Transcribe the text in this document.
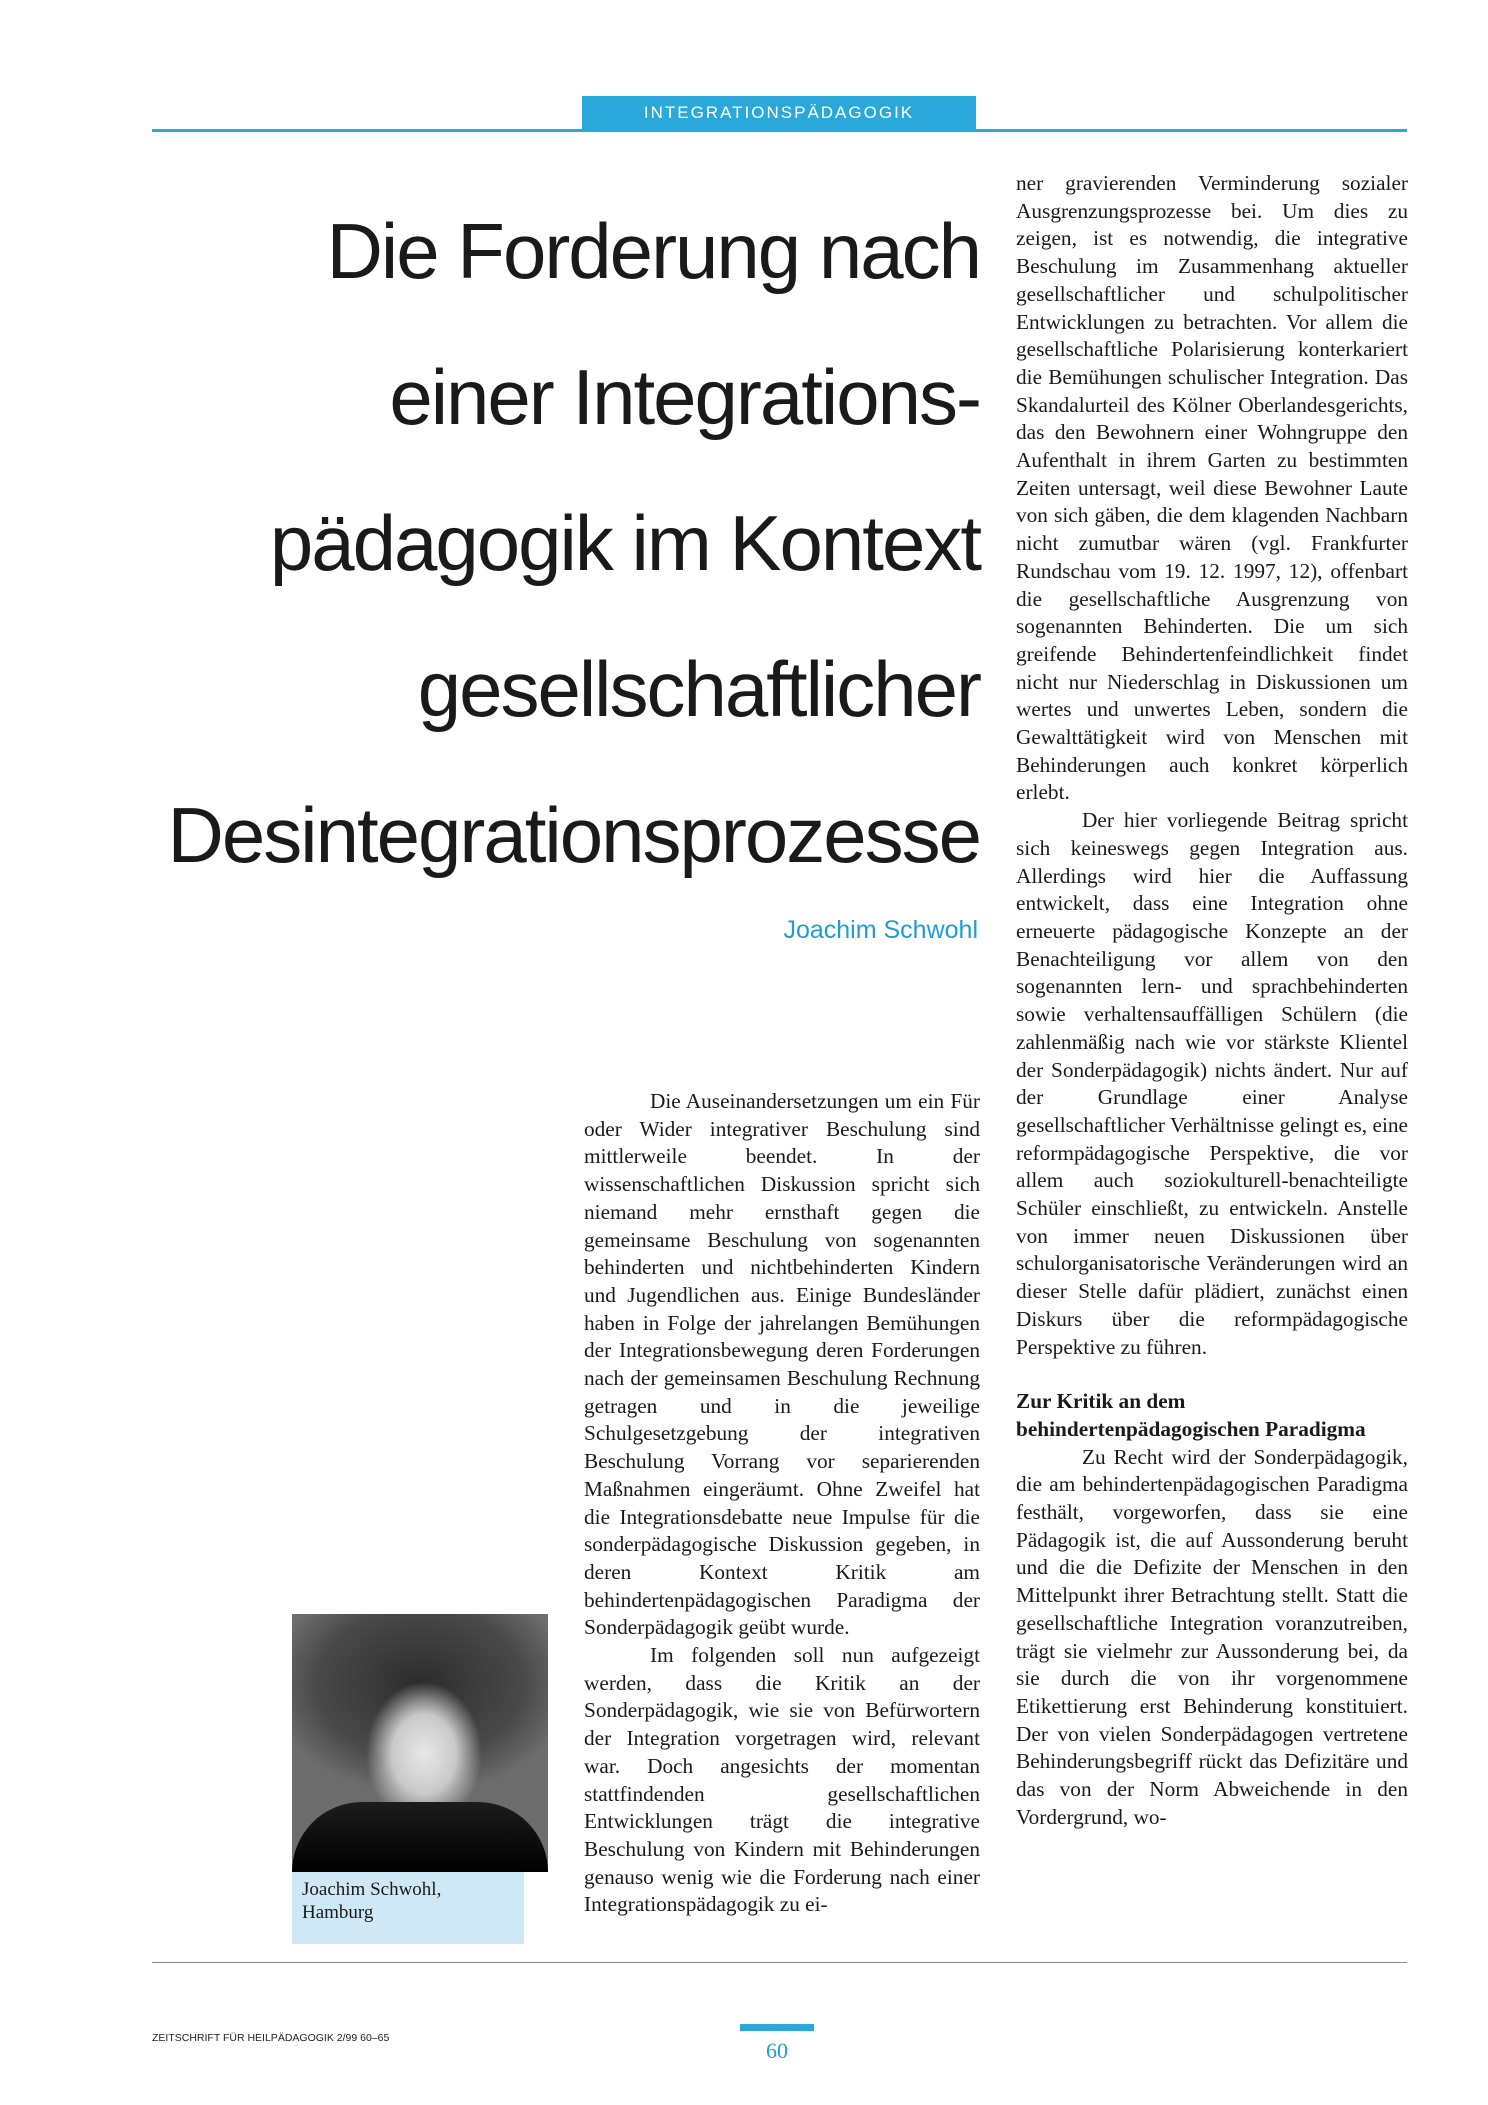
INTEGRATIONSPÄDAGOGIK
Die Forderung nach
einer Integrations-
pädagogik im Kontext
gesellschaftlicher
Desintegrationsprozesse
Joachim Schwohl
Joachim Schwohl,
Hamburg

Die Auseinandersetzungen um ein Für oder Wider integrativer Beschulung sind mittlerweile beendet. In der wissenschaftlichen Diskussion spricht sich niemand mehr ernsthaft gegen die gemeinsame Beschulung von sogenannten behinderten und nichtbehinderten Kindern und Jugendlichen aus. Einige Bundesländer haben in Folge der jahrelangen Bemühungen der Integrationsbewegung deren Forderungen nach der gemeinsamen Beschulung Rechnung getragen und in die jeweilige Schulgesetzgebung der integrativen Beschulung Vorrang vor separierenden Maßnahmen eingeräumt. Ohne Zweifel hat die Integrationsdebatte neue Impulse für die sonderpädagogische Diskussion gegeben, in deren Kontext Kritik am behindertenpädagogischen Paradigma der Sonderpädagogik geübt wurde.

Im folgenden soll nun aufgezeigt werden, dass die Kritik an der Sonderpädagogik, wie sie von Befürwortern der Integration vorgetragen wird, relevant war. Doch angesichts der momentan stattfindenden gesellschaftlichen Entwicklungen trägt die integrative Beschulung von Kindern mit Behinderungen genauso wenig wie die Forderung nach einer Integrationspädagogik zu ei-

ner gravierenden Verminderung sozialer Ausgrenzungsprozesse bei. Um dies zu zeigen, ist es notwendig, die integrative Beschulung im Zusammenhang aktueller gesellschaftlicher und schulpolitischer Entwicklungen zu betrachten. Vor allem die gesellschaftliche Polarisierung konterkariert die Bemühungen schulischer Integration. Das Skandalurteil des Kölner Oberlandesgerichts, das den Bewohnern einer Wohngruppe den Aufenthalt in ihrem Garten zu bestimmten Zeiten untersagt, weil diese Bewohner Laute von sich gäben, die dem klagenden Nachbarn nicht zumutbar wären (vgl. Frankfurter Rundschau vom 19. 12. 1997, 12), offenbart die gesellschaftliche Ausgrenzung von sogenannten Behinderten. Die um sich greifende Behindertenfeindlichkeit findet nicht nur Niederschlag in Diskussionen um wertes und unwertes Leben, sondern die Gewalttätigkeit wird von Menschen mit Behinderungen auch konkret körperlich erlebt.

Der hier vorliegende Beitrag spricht sich keineswegs gegen Integration aus. Allerdings wird hier die Auffassung entwickelt, dass eine Integration ohne erneuerte pädagogische Konzepte an der Benachteiligung vor allem von den sogenannten lern- und sprachbehinderten sowie verhaltensauffälligen Schülern (die zahlenmäßig nach wie vor stärkste Klientel der Sonderpädagogik) nichts ändert. Nur auf der Grundlage einer Analyse gesellschaftlicher Verhältnisse gelingt es, eine reformpädagogische Perspektive, die vor allem auch soziokulturell-benachteiligte Schüler einschließt, zu entwickeln. Anstelle von immer neuen Diskussionen über schulorganisatorische Veränderungen wird an dieser Stelle dafür plädiert, zunächst einen Diskurs über die reformpädagogische Perspektive zu führen.

Zur Kritik an dem behindertenpädagogischen Paradigma

Zu Recht wird der Sonderpädagogik, die am behindertenpädagogischen Paradigma festhält, vorgeworfen, dass sie eine Pädagogik ist, die auf Aussonderung beruht und die die Defizite der Menschen in den Mittelpunkt ihrer Betrachtung stellt. Statt die gesellschaftliche Integration voranzutreiben, trägt sie vielmehr zur Aussonderung bei, da sie durch die von ihr vorgenommene Etikettierung erst Behinderung konstituiert. Der von vielen Sonderpädagogen vertretene Behinderungsbegriff rückt das Defizitäre und das von der Norm Abweichende in den Vordergrund, wo-

ZEITSCHRIFT FÜR HEILPÄDAGOGIK 2/99 60–65	60
